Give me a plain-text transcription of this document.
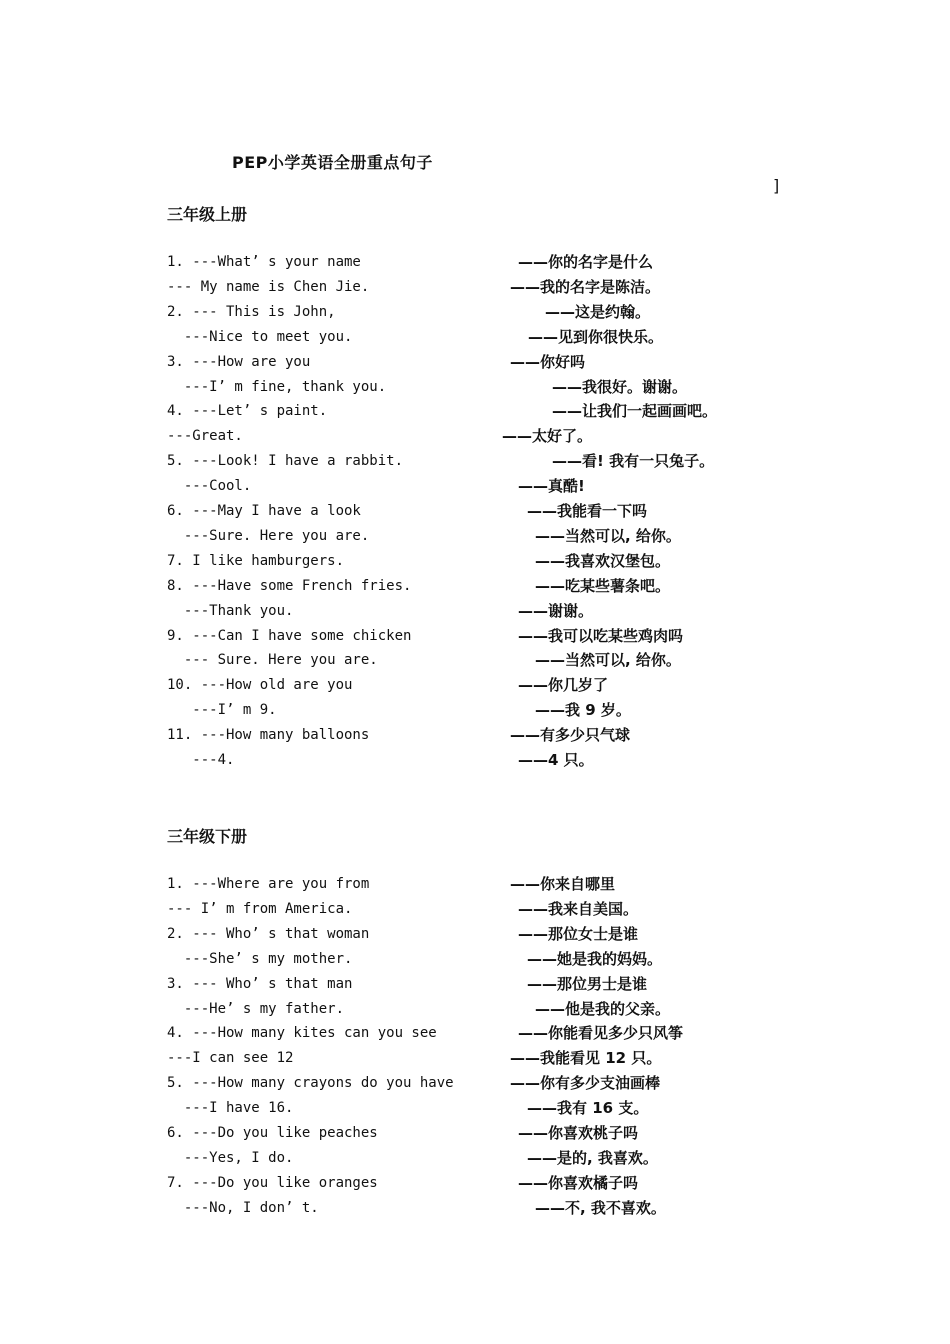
PEP小学英语全册重点句子
]
三年级上册
1. ---What’ s your name	——你的名字是什么
--- My name is Chen Jie.	——我的名字是陈洁。
2. --- This is John,	——这是约翰。
---Nice to meet you.	——见到你很快乐。
3. ---How are you	——你好吗
---I’ m fine, thank you.	——我很好。谢谢。
4. ---Let’ s paint.	——让我们一起画画吧。
---Great.	——太好了。
5. ---Look! I have a rabbit.	——看! 我有一只兔子。
---Cool.	——真酷!
6. ---May I have a look	——我能看一下吗
---Sure. Here you are.	——当然可以, 给你。
7. I like hamburgers.	——我喜欢汉堡包。
8. ---Have some French fries.	——吃某些薯条吧。
---Thank you.	——谢谢。
9. ---Can I have some chicken	——我可以吃某些鸡肉吗
--- Sure. Here you are.	——当然可以, 给你。
10. ---How old are you	——你几岁了
---I’ m 9.	——我 9 岁。
11. ---How many balloons	——有多少只气球
---4.	——4 只。
三年级下册
1. ---Where are you from	——你来自哪里
--- I’ m from America.	——我来自美国。
2. --- Who’ s that woman	——那位女士是谁
---She’ s my mother.	——她是我的妈妈。
3. --- Who’ s that man	——那位男士是谁
---He’ s my father.	——他是我的父亲。
4. ---How many kites can you see	——你能看见多少只风筝
---I can see 12	——我能看见 12 只。
5. ---How many crayons do you have	——你有多少支油画棒
---I have 16.	——我有 16 支。
6. ---Do you like peaches	——你喜欢桃子吗
---Yes, I do.	——是的, 我喜欢。
7. ---Do you like oranges	——你喜欢橘子吗
---No, I don’ t.	——不, 我不喜欢。
